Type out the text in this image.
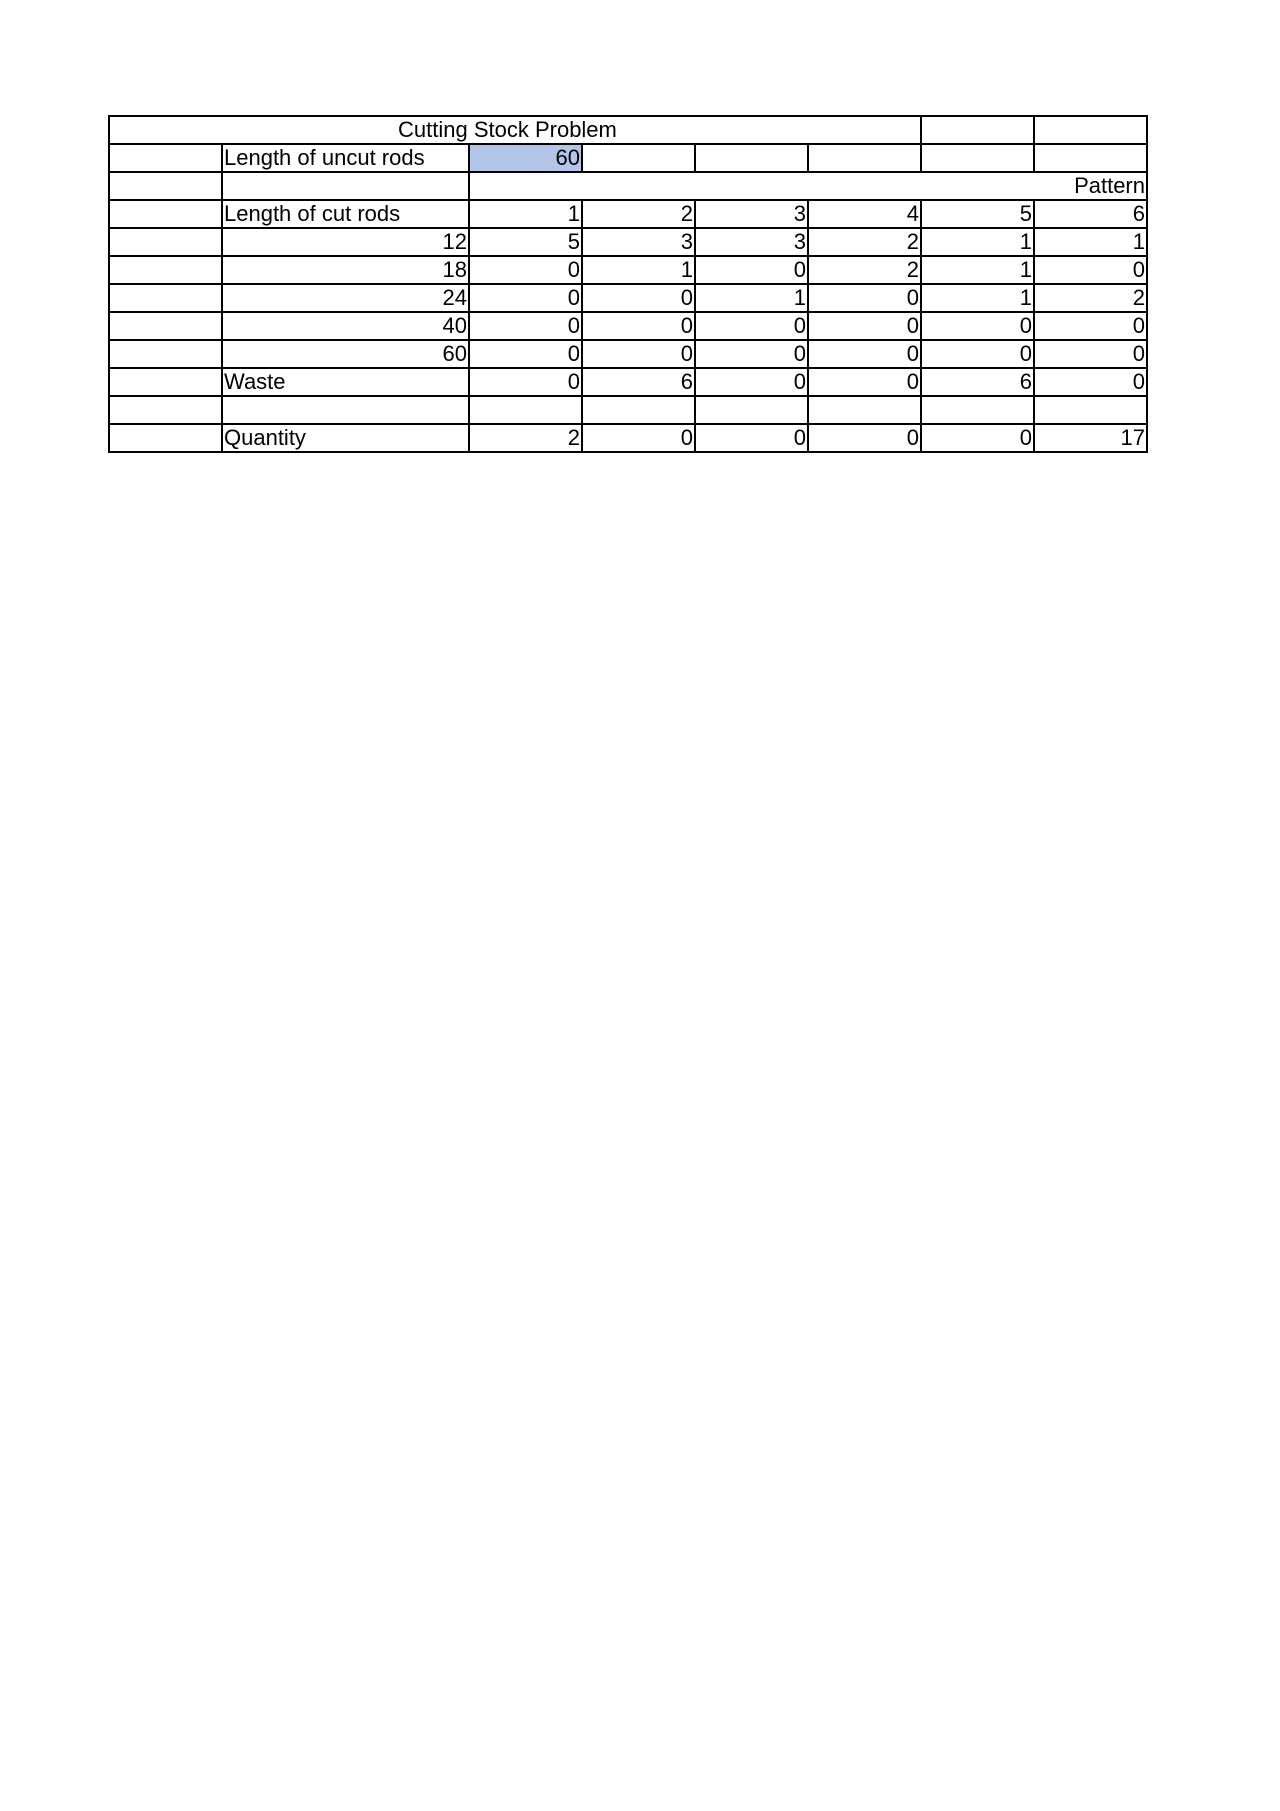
Cutting Stock Problem							
	Length of uncut rods	60					
		Pattern					
	Length of cut rods	1	2	3	4	5	6
	12	5	3	3	2	1	1
	18	0	1	0	2	1	0
	24	0	0	1	0	1	2
	40	0	0	0	0	0	0
	60	0	0	0	0	0	0
	Waste	0	6	0	0	6	0

	Quantity	2	0	0	0	0	17
